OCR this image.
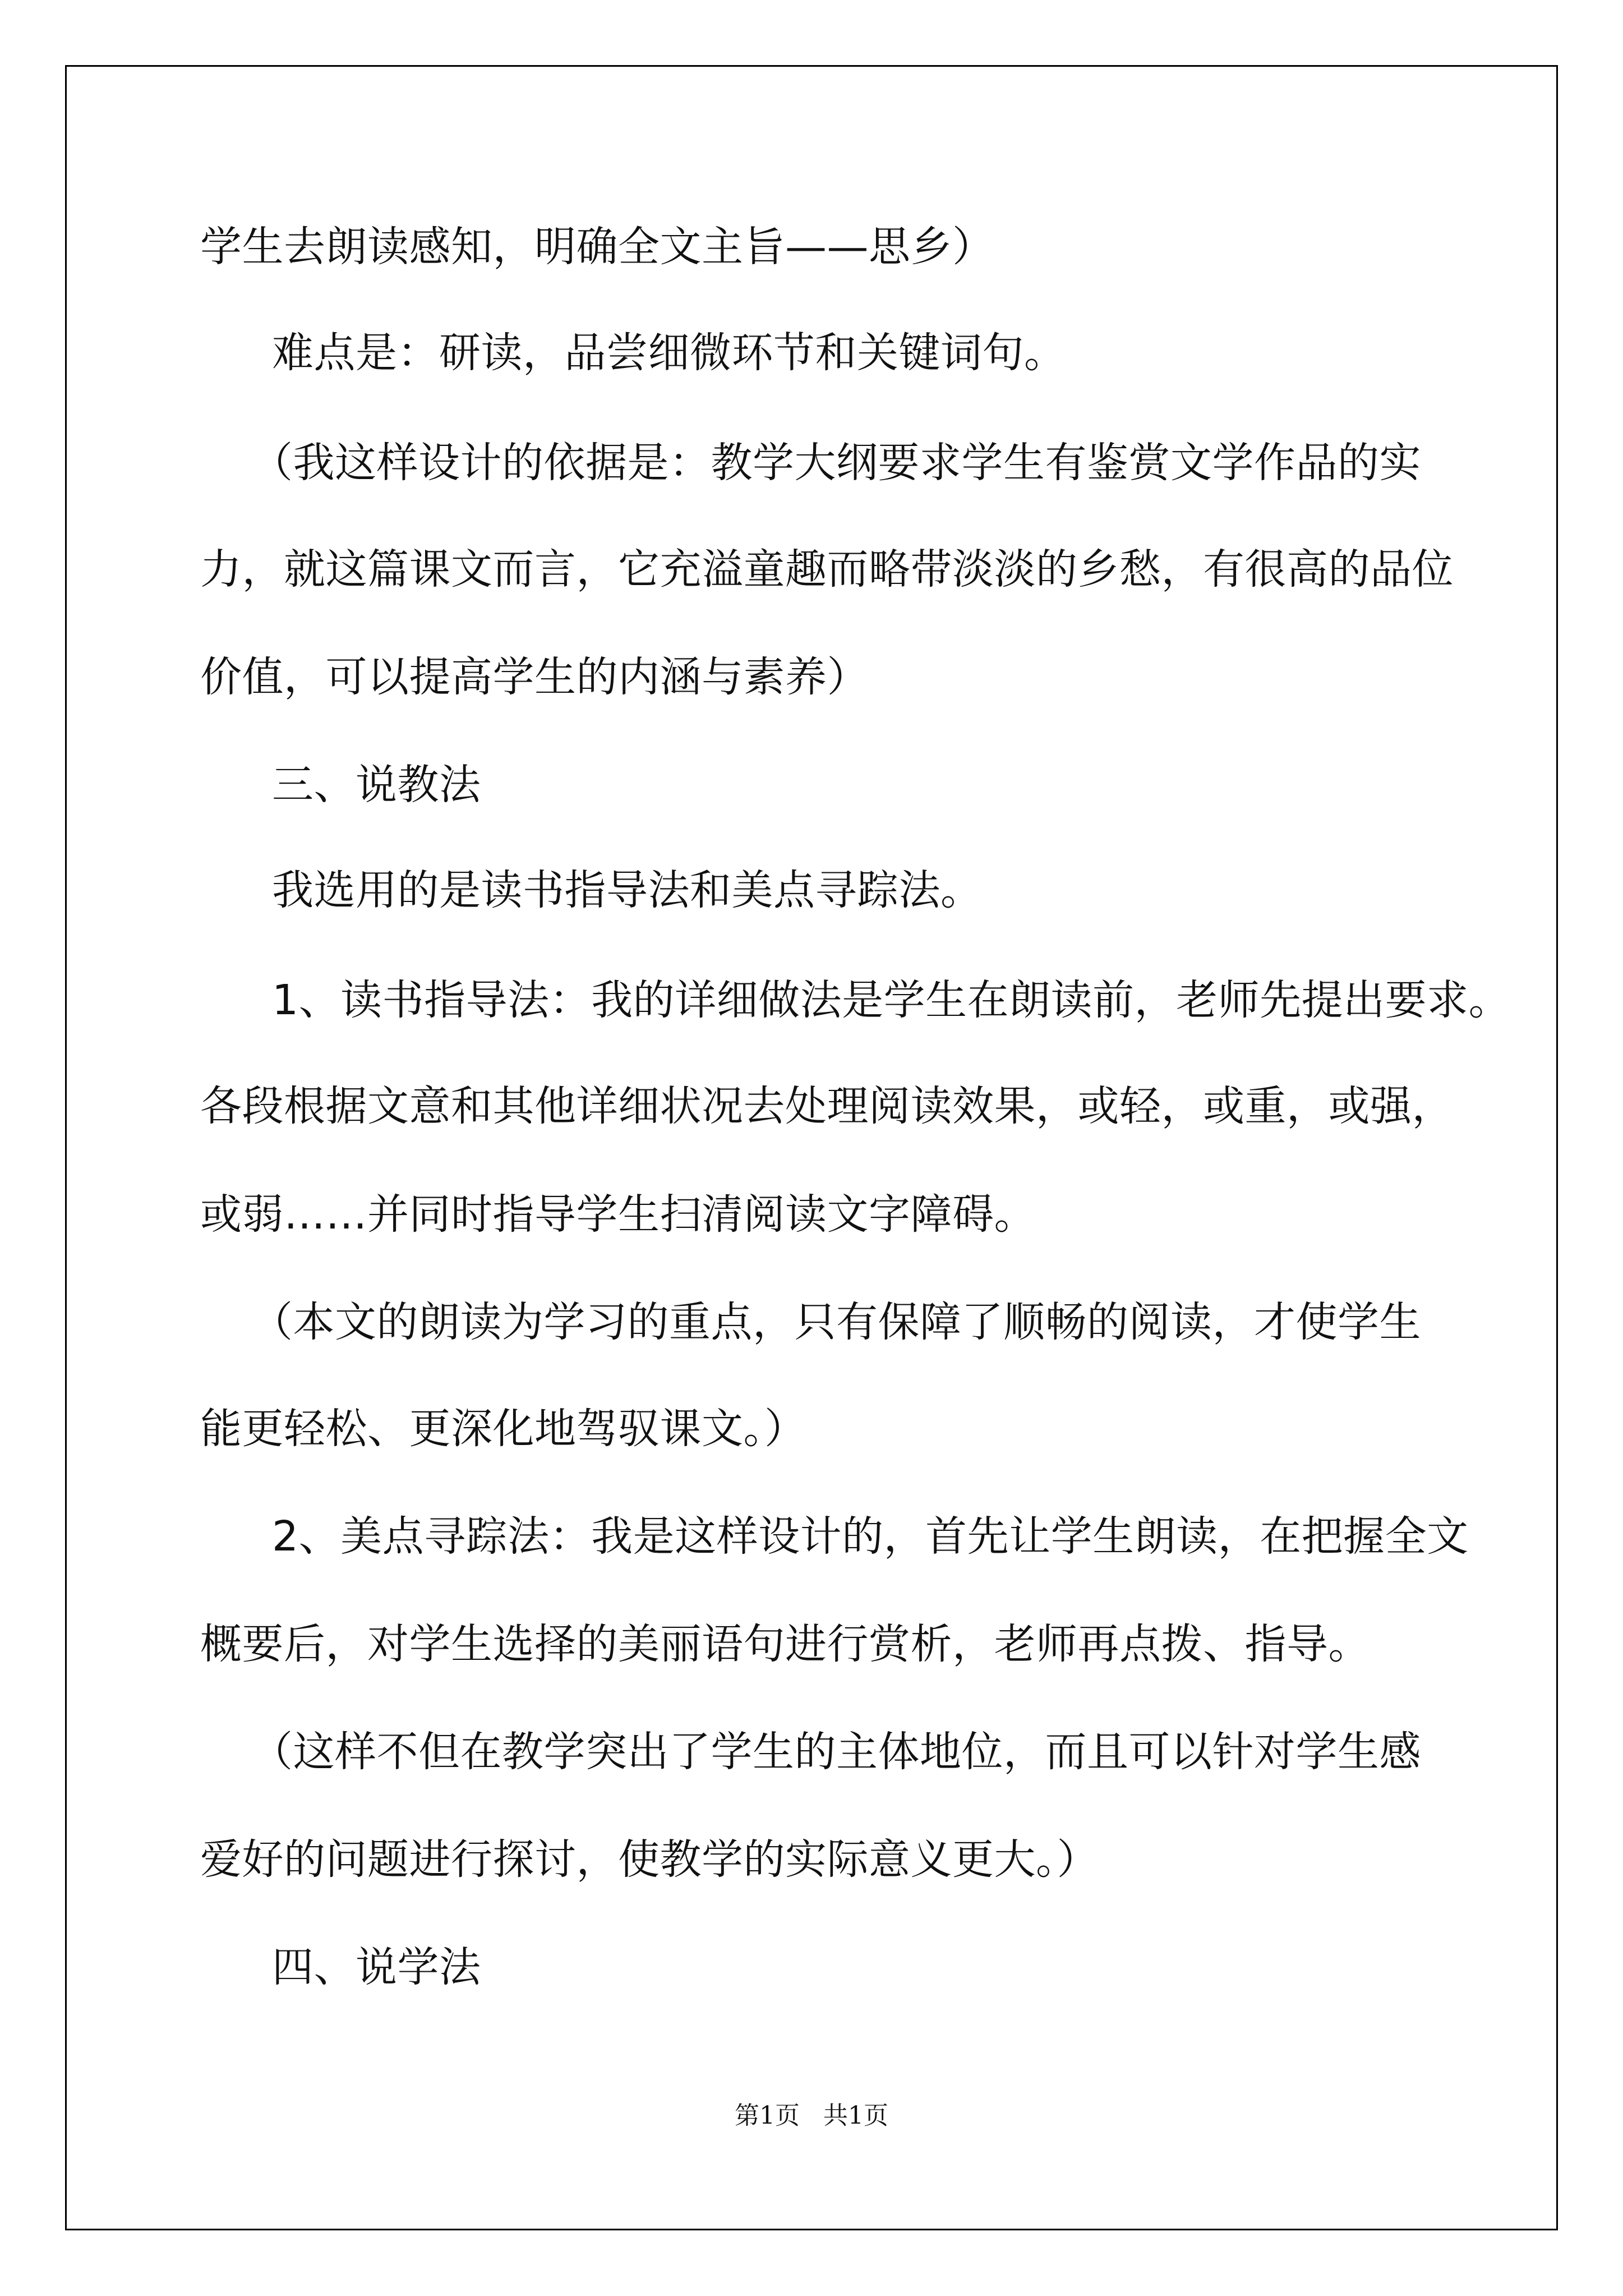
学生去朗读感知，明确全文主旨——思乡）
难点是：研读，品尝细微环节和关键词句。
（我这样设计的依据是：教学大纲要求学生有鉴赏文学作品的实
力，就这篇课文而言，它充溢童趣而略带淡淡的乡愁，有很高的品位
价值，可以提高学生的内涵与素养）
三、说教法
我选用的是读书指导法和美点寻踪法。
1、读书指导法：我的详细做法是学生在朗读前，老师先提出要求。
各段根据文意和其他详细状况去处理阅读效果，或轻，或重，或强，
或弱……并同时指导学生扫清阅读文字障碍。
（本文的朗读为学习的重点，只有保障了顺畅的阅读，才使学生
能更轻松、更深化地驾驭课文。）
2、美点寻踪法：我是这样设计的，首先让学生朗读，在把握全文
概要后，对学生选择的美丽语句进行赏析，老师再点拨、指导。
（这样不但在教学突出了学生的主体地位，而且可以针对学生感
爱好的问题进行探讨，使教学的实际意义更大。）
四、说学法
第1页 共1页
